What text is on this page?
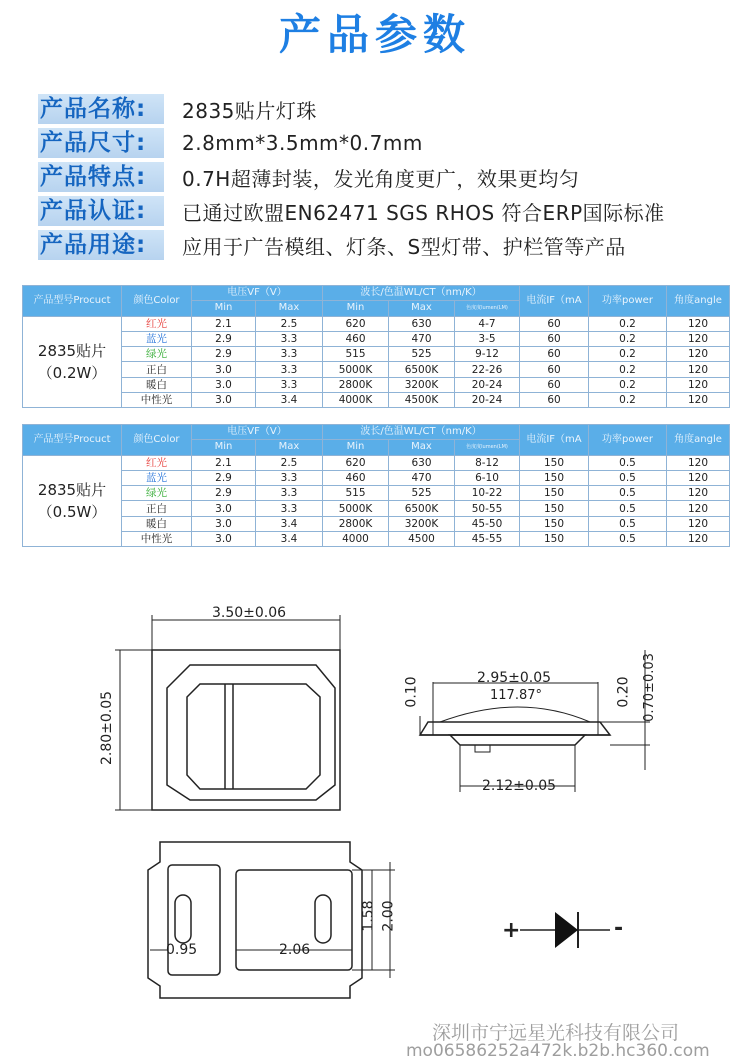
产品参数
产品名称:	2835贴片灯珠
产品尺寸:	2.8mm*3.5mm*0.7mm
产品特点:	0.7H超薄封装，发光角度更广，效果更均匀
产品认证:	已通过欧盟EN62471 SGS RHOS 符合ERP国际标准
产品用途:	应用于广告模组、灯条、S型灯带、护栏管等产品
产品型号Procuct	颜色Color	电压VF（V）		波长/色温WL/CT（nm/K）			电流IF（mA	功率power	角度angle
		Min	Max	Min	Max	色度度lumen(LM)			

2835贴片
（0.2W）	红光	2.1	2.5	620	630	4-7	60	0.2	120
	蓝光	2.9	3.3	460	470	3-5	60	0.2	120
	绿光	2.9	3.3	515	525	9-12	60	0.2	120
	正白	3.0	3.3	5000K	6500K	22-26	60	0.2	120
	暖白	3.0	3.3	2800K	3200K	20-24	60	0.2	120
	中性光	3.0	3.4	4000K	4500K	20-24	60	0.2	120
产品型号Procuct	颜色Color	电压VF（V）		波长/色温WL/CT（nm/K）			电流IF（mA	功率power	角度angle
		Min	Max	Min	Max	色度度lumen(LM)			

2835贴片
（0.5W）	红光	2.1	2.5	620	630	8-12	150	0.5	120
	蓝光	2.9	3.3	460	470	6-10	150	0.5	120
	绿光	2.9	3.3	515	525	10-22	150	0.5	120
	正白	3.0	3.3	5000K	6500K	50-55	150	0.5	120
	暖白	3.0	3.4	2800K	3200K	45-50	150	0.5	120
	中性光	3.0	3.4	4000	4500	45-55	150	0.5	120
3.50±0.06
2.80±0.05
2.95±0.05
117.87°
0.10	0.20 0.70±0.03
2.12±0.05
0.95	2.06
1.58 2.00	+	-
深圳市宁远星光科技有限公司
mo06586252a472k.b2b.hc360.com
